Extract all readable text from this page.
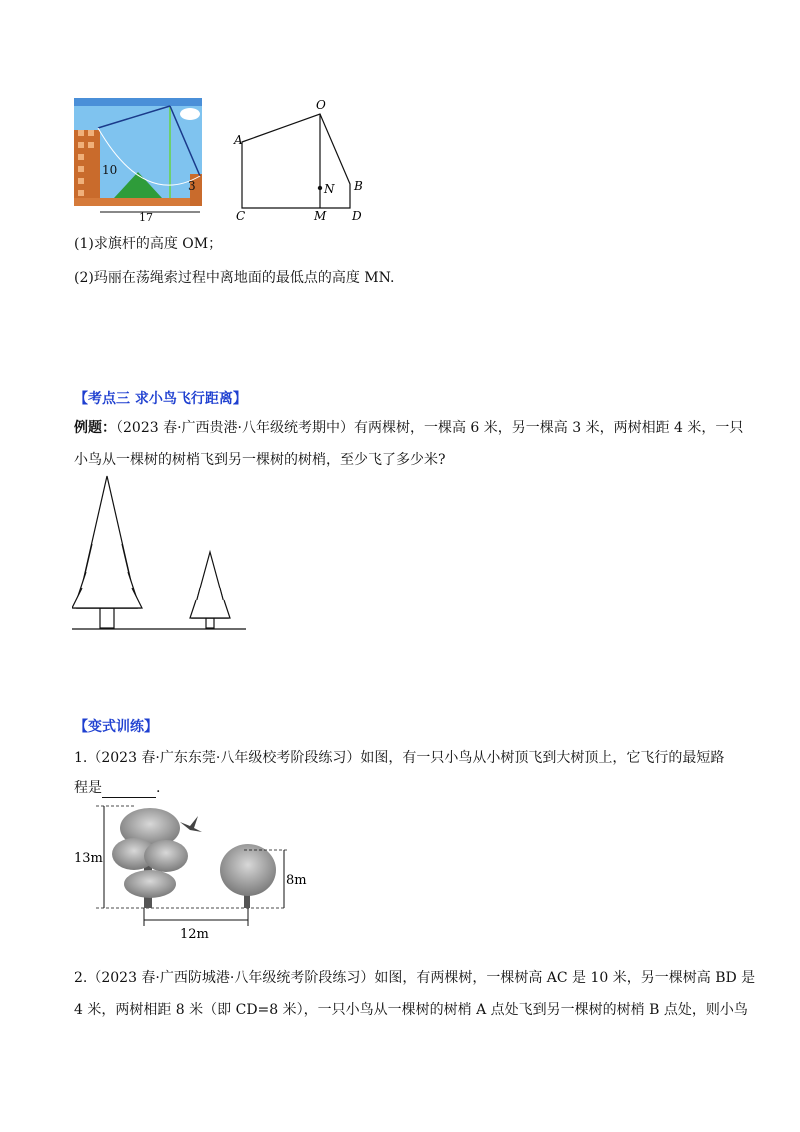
17
10
3
O
A
N B
C	M D
(1)求旗杆的高度 OM；
(2)玛丽在荡绳索过程中离地面的最低点的高度 MN.
【考点三 求小鸟飞行距离】
例题：（2023 春·广西贵港·八年级统考期中）有两棵树，一棵高 6 米，另一棵高 3 米，两树相距 4 米，一只
小鸟从一棵树的树梢飞到另一棵树的树梢，至少飞了多少米?
【变式训练】
1.（2023 春·广东东莞·八年级校考阶段练习）如图，有一只小鸟从小树顶飞到大树顶上，它飞行的最短路
程是	.
13m
8m
12m
2.（2023 春·广西防城港·八年级统考阶段练习）如图，有两棵树，一棵树高 AC 是 10 米，另一棵树高 BD 是
4 米，两树相距 8 米（即 CD=8 米），一只小鸟从一棵树的树梢 A 点处飞到另一棵树的树梢 B 点处，则小鸟
